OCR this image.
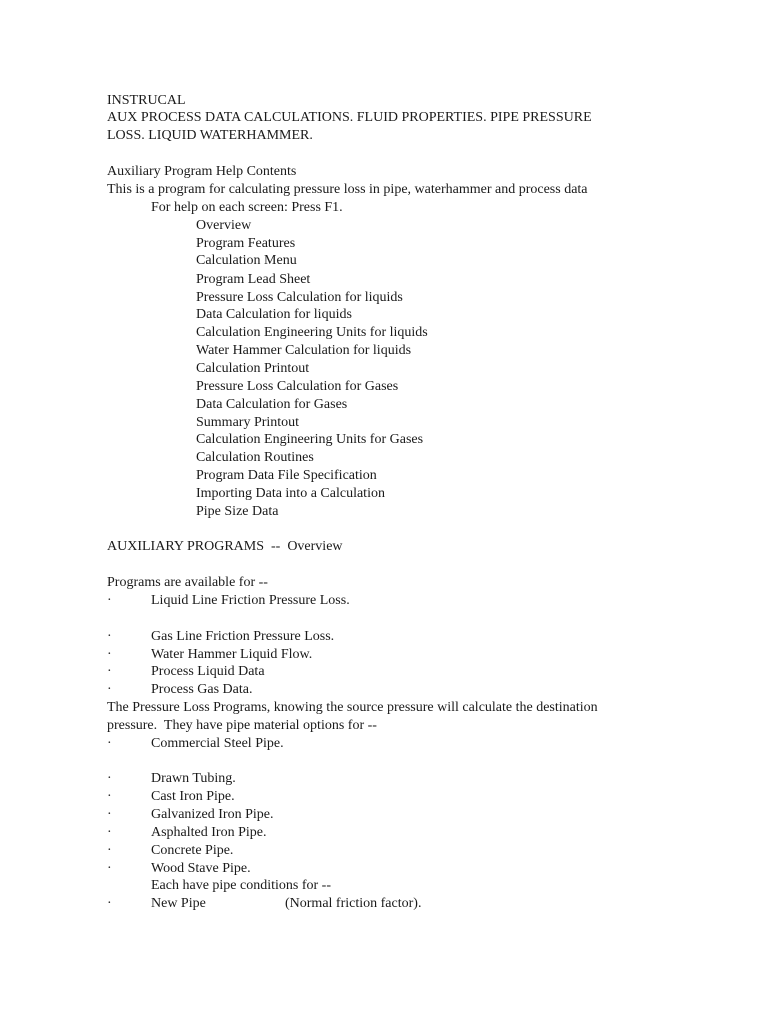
INSTRUCAL
AUX PROCESS DATA CALCULATIONS. FLUID PROPERTIES. PIPE PRESSURE
LOSS. LIQUID WATERHAMMER.
Auxiliary Program Help Contents
This is a program for calculating pressure loss in pipe, waterhammer and process data
For help on each screen: Press F1.
Overview
Program Features
Calculation Menu
Program Lead Sheet
Pressure Loss Calculation for liquids
Data Calculation for liquids
Calculation Engineering Units for liquids
Water Hammer Calculation for liquids
Calculation Printout
Pressure Loss Calculation for Gases
Data Calculation for Gases
Summary Printout
Calculation Engineering Units for Gases
Calculation Routines
Program Data File Specification
Importing Data into a Calculation
Pipe Size Data
AUXILIARY PROGRAMS  --  Overview
Programs are available for --
·	Liquid Line Friction Pressure Loss.
·	Gas Line Friction Pressure Loss.
·	Water Hammer Liquid Flow.
·	Process Liquid Data
·	Process Gas Data.
The Pressure Loss Programs, knowing the source pressure will calculate the destination
pressure.  They have pipe material options for --
·	Commercial Steel Pipe.
·	Drawn Tubing.
·	Cast Iron Pipe.
·	Galvanized Iron Pipe.
·	Asphalted Iron Pipe.
·	Concrete Pipe.
·	Wood Stave Pipe.
Each have pipe conditions for --
·	New Pipe	(Normal friction factor).
